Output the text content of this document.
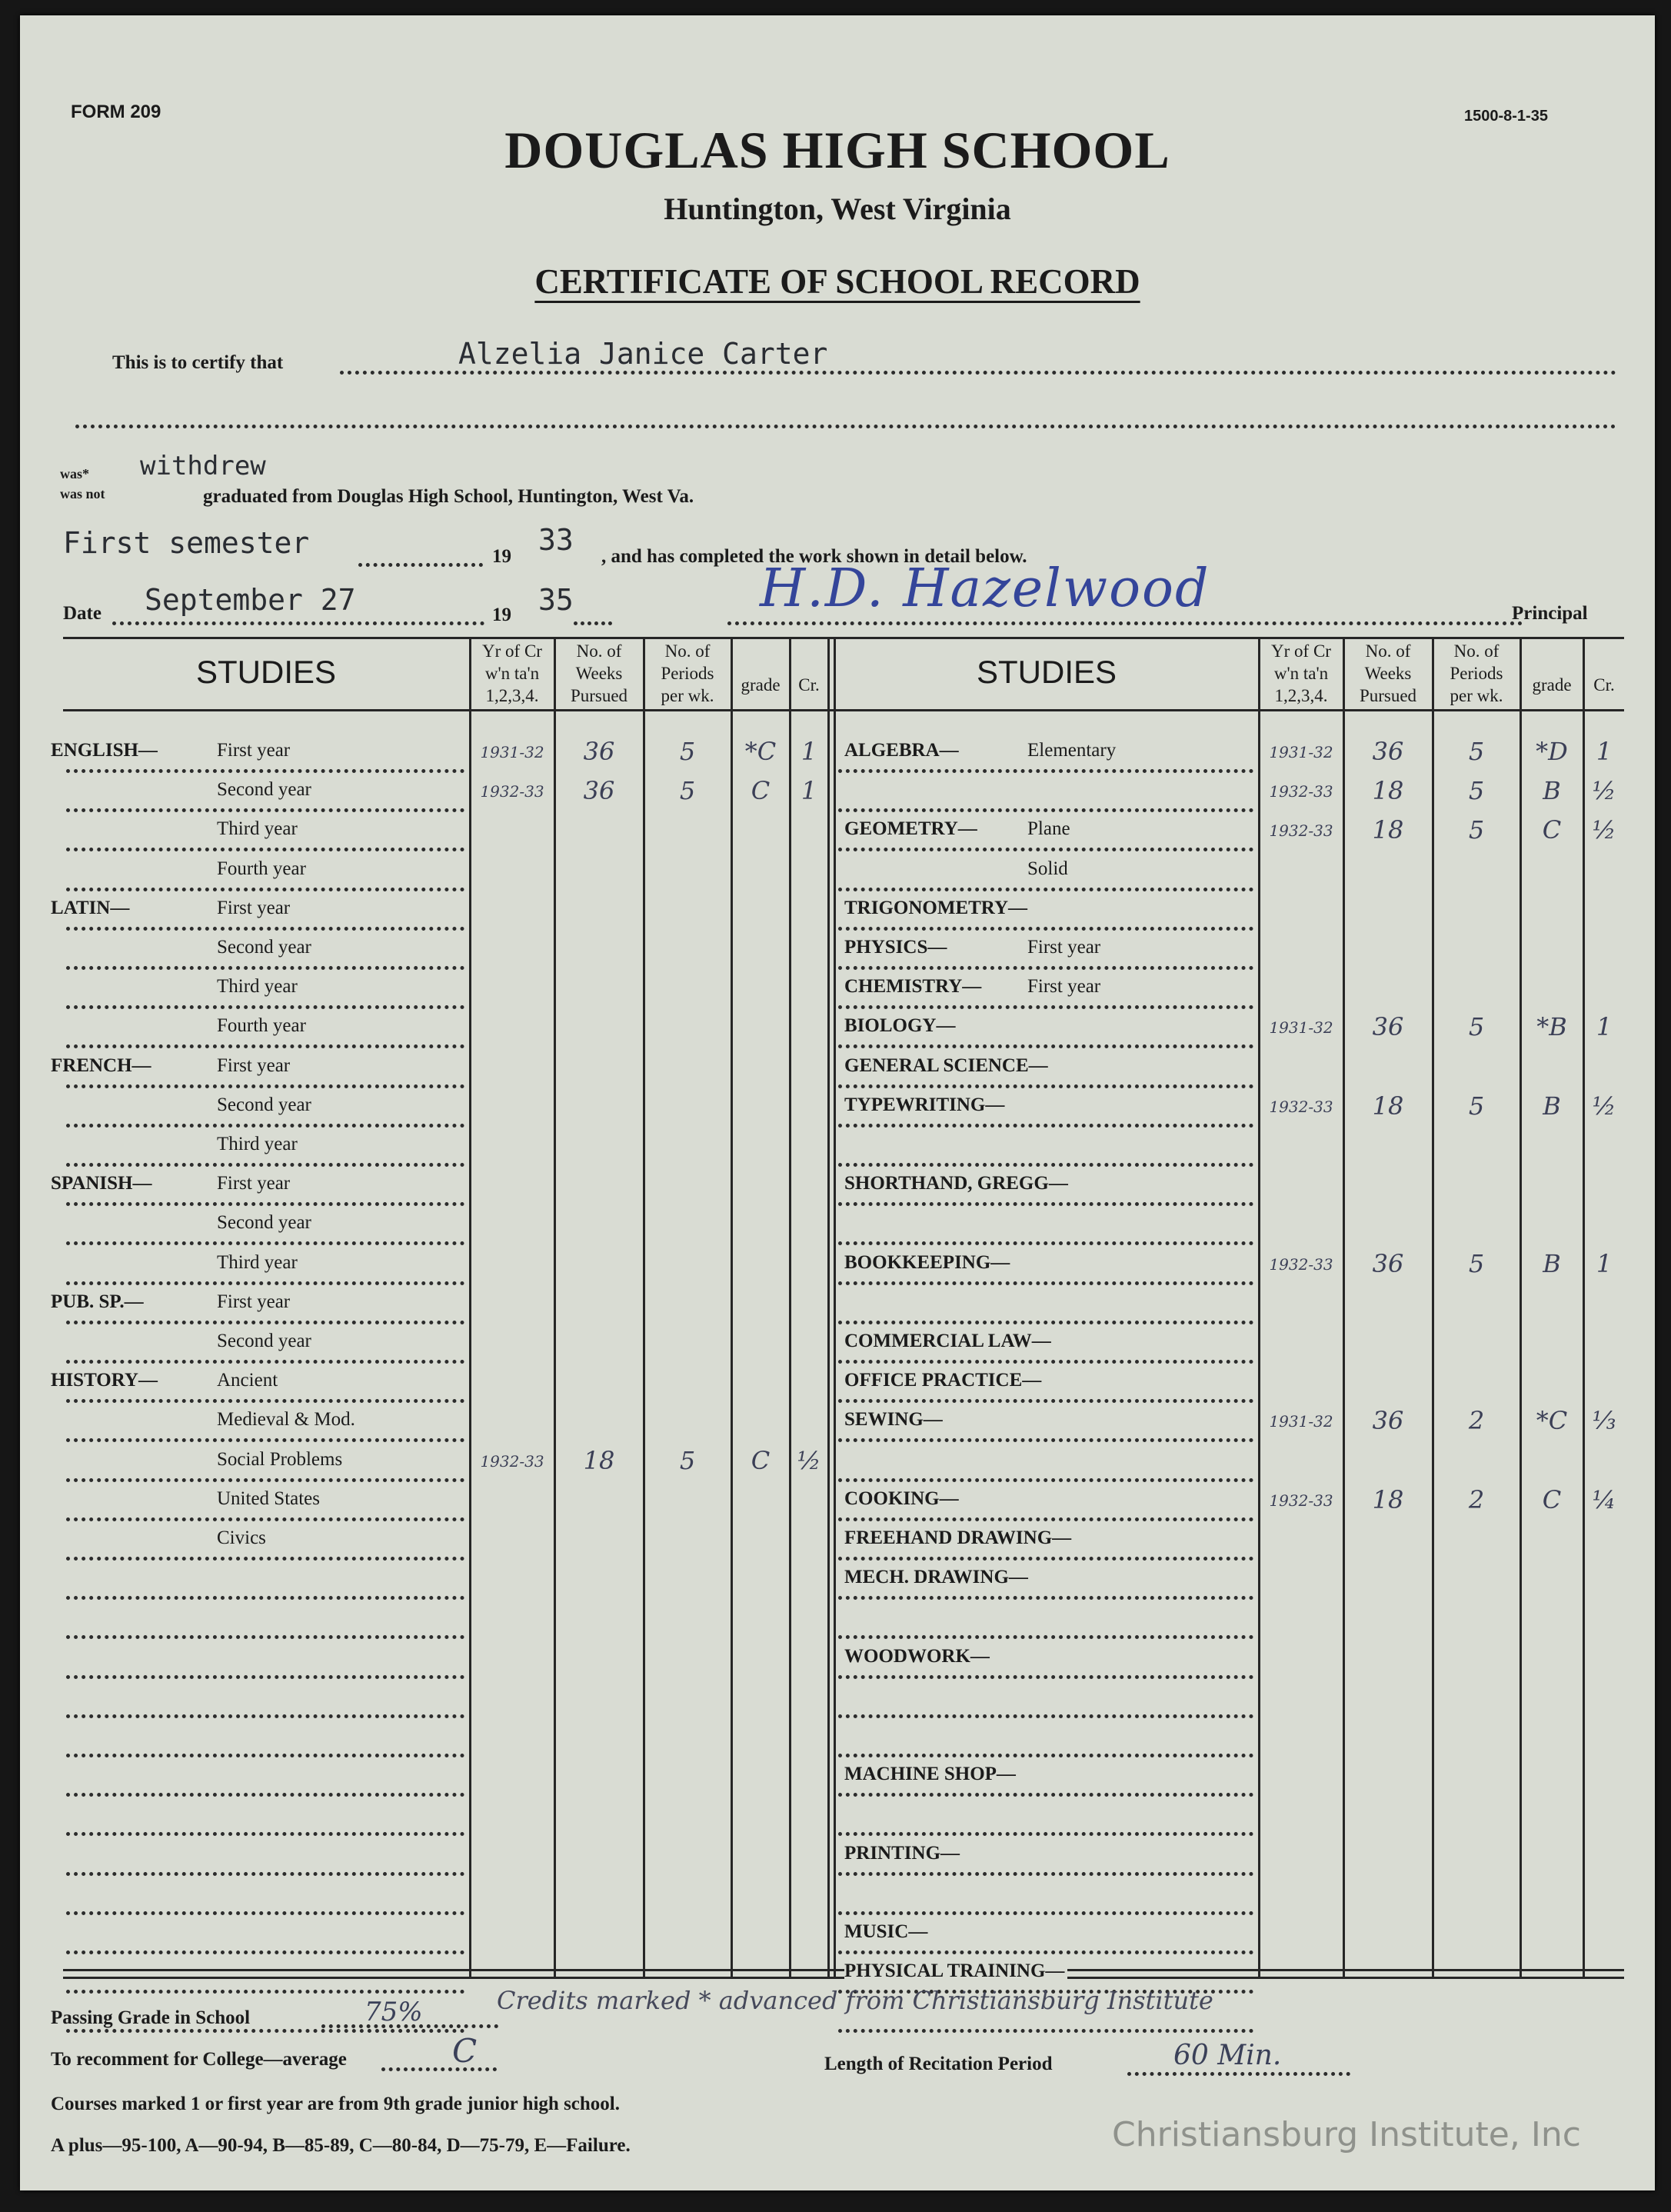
FORM 209	1500-8-1-35
DOUGLAS HIGH SCHOOL
Huntington, West Virginia
CERTIFICATE OF SCHOOL RECORD
This is to certify that	Alzelia Janice Carter
was*
was not
withdrew
graduated from Douglas High School, Huntington, West Va.
First semester	19 33 , and has completed the work shown in detail below.
Date September 27	19 35	H.D. Hazelwood	Principal
STUDIES	STUDIES
Yr of Cr
w'n ta'n
1,2,3,4.
No. of
Weeks
Pursued
No. of
Periods
per wk.
grade	Cr.
Yr of Cr
w'n ta'n
1,2,3,4.
No. of
Weeks
Pursued
No. of
Periods
per wk.
grade	Cr.
ENGLISH—	First year	1931-32	36	5	*C	1
Second year	1932-33	36	5	C	1
Third year
Fourth year
LATIN—	First year
Second year
Third year
Fourth year
FRENCH—	First year
Second year
Third year
SPANISH—	First year
Second year
Third year
PUB. SP.—	First year
Second year
HISTORY—	Ancient
Medieval & Mod.
Social Problems	1932-33	18	5	C	½
United States
Civics
ALGEBRA—	Elementary	1931-32	36	5	*D	1
1932-33	18	5	B	½
GEOMETRY—	Plane	1932-33	18	5	C	½
Solid
TRIGONOMETRY—
PHYSICS—	First year
CHEMISTRY— First year
BIOLOGY—	1931-32	36	5	*B	1
GENERAL SCIENCE—
TYPEWRITING—	1932-33	18	5	B	½
SHORTHAND, GREGG—
BOOKKEEPING—	1932-33	36	5	B	1
COMMERCIAL LAW—
OFFICE PRACTICE—
SEWING—	1931-32	36	2	*C	⅓
COOKING—	1932-33	18	2	C	¼
FREEHAND DRAWING—
MECH. DRAWING—
WOODWORK—
MACHINE SHOP—
PRINTING—
MUSIC—
PHYSICAL TRAINING—
Passing Grade in School	75%	Credits marked * advanced from Christiansburg Institute
To recomment for College—average	C	Length of Recitation Period	60 Min.
Courses marked 1 or first year are from 9th grade junior high school.
A plus—95-100, A—90-94, B—85-89, C—80-84, D—75-79, E—Failure.	Christiansburg Institute, Inc
